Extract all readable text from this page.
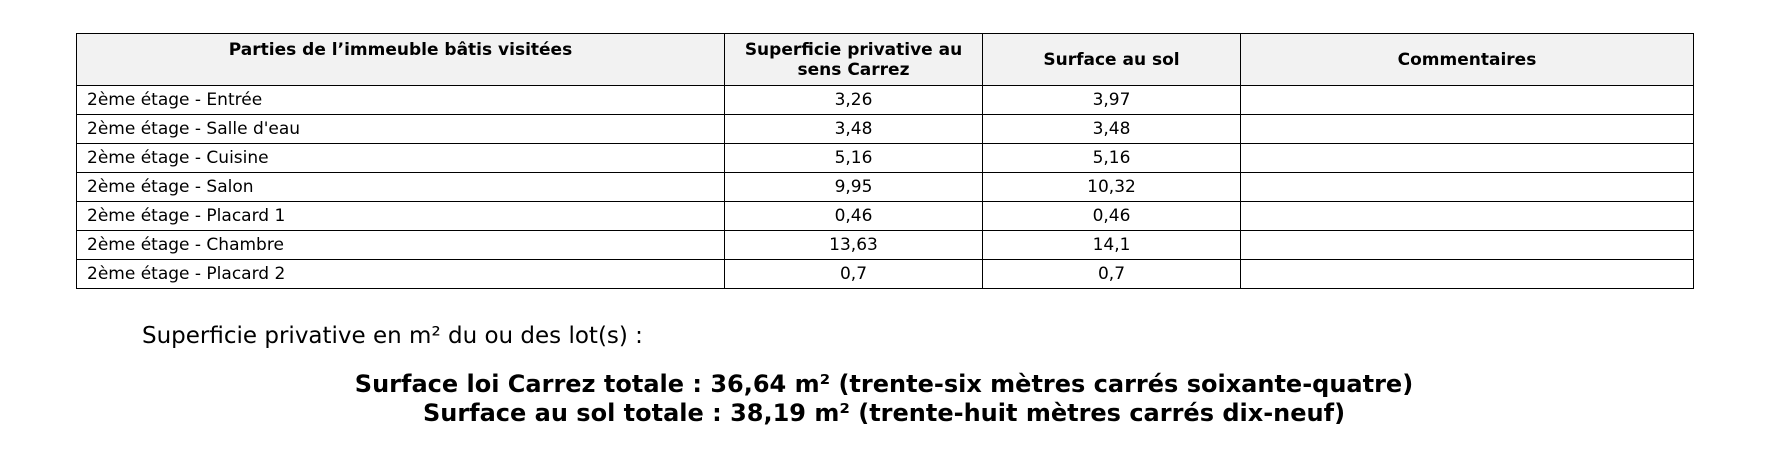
Parties de l’immeuble bâtis visitées	Superficie privative au sens Carrez	Surface au sol	Commentaires
2ème étage - Entrée	3,26	3,97	
2ème étage - Salle d'eau	3,48	3,48	
2ème étage - Cuisine	5,16	5,16	
2ème étage - Salon	9,95	10,32	
2ème étage - Placard 1	0,46	0,46	
2ème étage - Chambre	13,63	14,1	
2ème étage - Placard 2	0,7	0,7	
Superficie privative en m² du ou des lot(s) :
Surface loi Carrez totale : 36,64 m² (trente-six mètres carrés soixante-quatre)
Surface au sol totale : 38,19 m² (trente-huit mètres carrés dix-neuf)
